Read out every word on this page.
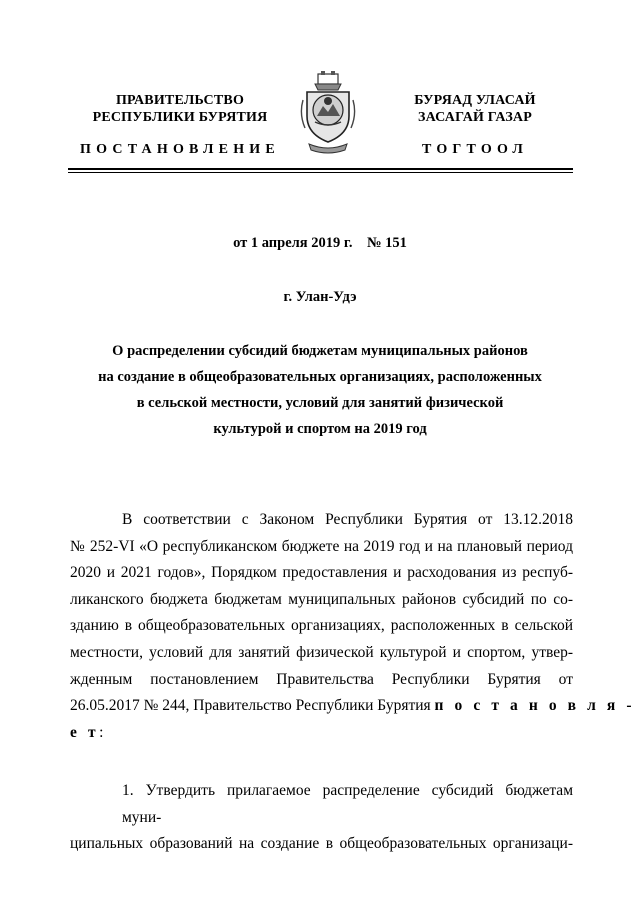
ПРАВИТЕЛЬСТВО
РЕСПУБЛИКИ БУРЯТИЯ
БУРЯАД УЛАСАЙ
ЗАСАГАЙ ГАЗАР
ПОСТАНОВЛЕНИЕ	ТОГТООЛ
от 1 апреля 2019 г. № 151
г. Улан-Удэ
О распределении субсидий бюджетам муниципальных районов
на создание в общеобразовательных организациях, расположенных
в сельской местности, условий для занятий физической
культурой и спортом на 2019 год
В соответствии с Законом Республики Бурятия от 13.12.2018
№ 252-VI «О республиканском бюджете на 2019 год и на плановый период
2020 и 2021 годов», Порядком предоставления и расходования из респуб-
ликанского бюджета бюджетам муниципальных районов субсидий по со-
зданию в общеобразовательных организациях, расположенных в сельской
местности, условий для занятий физической культурой и спортом, утвер-
жденным постановлением Правительства Республики Бурятия от
26.05.2017 № 244, Правительство Республики Бурятия п о с т а н о в л я -
е т:
1. Утвердить прилагаемое распределение субсидий бюджетам муни-
ципальных образований на создание в общеобразовательных организаци-
